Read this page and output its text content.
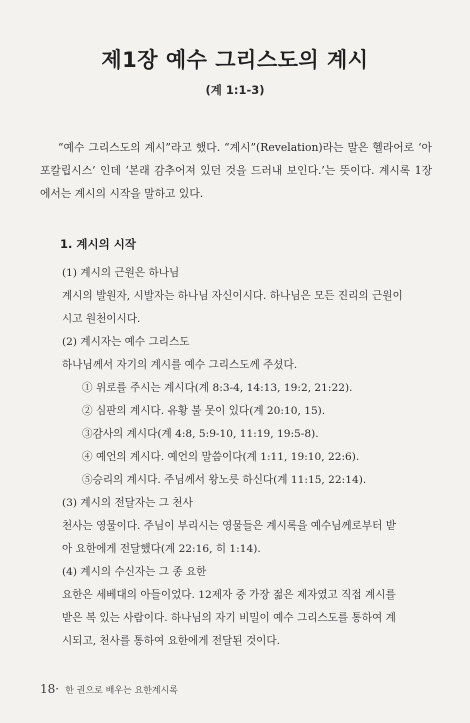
제1장 예수 그리스도의 계시
(계 1:1-3)

“예수 그리스도의 계시”라고 했다. “계시”(Revelation)라는 말은 헬라어로 ‘아포칼립시스’ 인데 ‘본래 감추어져 있던 것을 드러내 보인다.’는 뜻이다. 계시록 1장에서는 계시의 시작을 말하고 있다.

1. 계시의 시작
(1) 계시의 근원은 하나님
계시의 발원자, 시발자는 하나님 자신이시다. 하나님은 모든 진리의 근원이
시고 원천이시다.
(2) 계시자는 예수 그리스도
하나님께서 자기의 계시를 예수 그리스도께 주셨다.
① 위로를 주시는 계시다(계 8:3-4, 14:13, 19:2, 21:22).
② 심판의 계시다. 유황 불 못이 있다(계 20:10, 15).
③감사의 계시다(계 4:8, 5:9-10, 11:19, 19:5-8).
④ 예언의 계시다. 예언의 말씀이다(계 1:11, 19:10, 22:6).
⑤승리의 계시다. 주님께서 왕노릇 하신다(계 11:15, 22:14).
(3) 계시의 전달자는 그 천사
천사는 영물이다. 주님이 부리시는 영물들은 계시록을 예수님께로부터 받
아 요한에게 전달했다(계 22:16, 히 1:14).
(4) 계시의 수신자는 그 종 요한
요한은 세베대의 아들이었다. 12제자 중 가장 젊은 제자였고 직접 계시를
받은 복 있는 사람이다. 하나님의 자기 비밀이 예수 그리스도를 통하여 계
시되고, 천사를 통하여 요한에게 전달된 것이다.
18· 한 권으로 배우는 요한계시록
